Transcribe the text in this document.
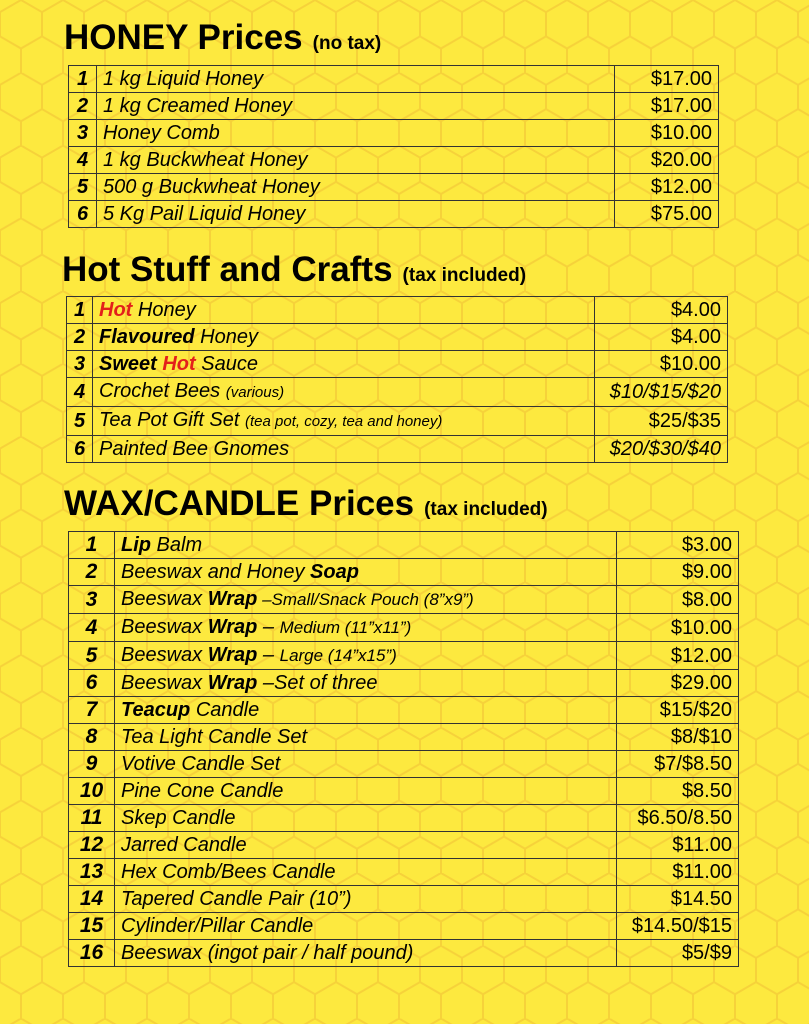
HONEY Prices (no tax)
1	1 kg Liquid Honey	$17.00
2	1 kg Creamed Honey	$17.00
3	Honey Comb	$10.00
4	1 kg Buckwheat Honey	$20.00
5	500 g Buckwheat Honey	$12.00
6	5 Kg Pail Liquid Honey	$75.00
Hot Stuff and Crafts (tax included)
1	Hot Honey	$4.00
2	Flavoured Honey	$4.00
3	Sweet Hot Sauce	$10.00
4	Crochet Bees (various)	$10/$15/$20
5	Tea Pot Gift Set (tea pot, cozy, tea and honey)	$25/$35
6	Painted Bee Gnomes	$20/$30/$40
WAX/CANDLE Prices (tax included)
1	Lip Balm	$3.00
2	Beeswax and Honey Soap	$9.00
3	Beeswax Wrap –Small/Snack Pouch (8”x9”)	$8.00
4	Beeswax Wrap – Medium (11”x11”)	$10.00
5	Beeswax Wrap – Large (14”x15”)	$12.00
6	Beeswax Wrap –Set of three	$29.00
7	Teacup Candle	$15/$20
8	Tea Light Candle Set	$8/$10
9	Votive Candle Set	$7/$8.50
10	Pine Cone Candle	$8.50
11	Skep Candle	$6.50/8.50
12	Jarred Candle	$11.00
13	Hex Comb/Bees Candle	$11.00
14	Tapered Candle Pair (10”)	$14.50
15	Cylinder/Pillar Candle	$14.50/$15
16	Beeswax (ingot pair / half pound)	$5/$9
